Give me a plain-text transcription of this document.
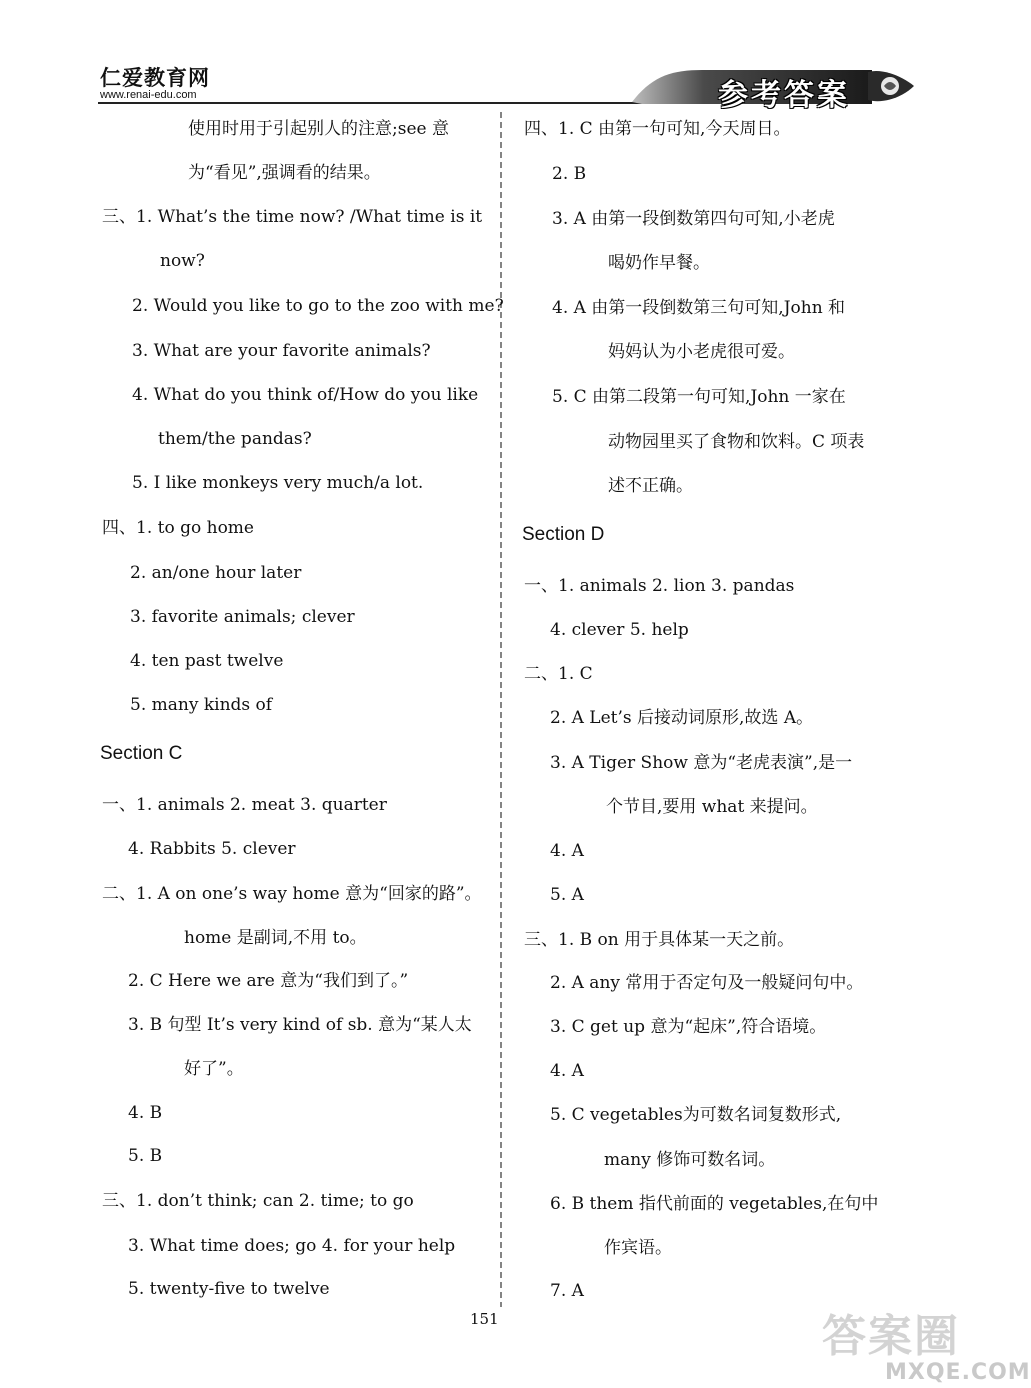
仁爱教育网
www.renai-edu.com	参考答案
使用时用于引起别人的注意;see 意
为“看见”,强调看的结果。
三、1. What’s the time now? /What time is it
now?
2. Would you like to go to the zoo with me?
3. What are your favorite animals?
4. What do you think of/How do you like
them/the pandas?
5. I like monkeys very much/a lot.
四、1. to go home
2. an/one hour later
3. favorite animals; clever
4. ten past twelve
5. many kinds of
Section C
一、1. animals 2. meat 3. quarter
4. Rabbits 5. clever
二、1. A on one’s way home 意为“回家的路”。
home 是副词,不用 to。
2. C Here we are 意为“我们到了。”
3. B 句型 It’s very kind of sb. 意为“某人太
好了”。
4. B
5. B
三、1. don’t think; can 2. time; to go
3. What time does; go 4. for your help
5. twenty-five to twelve
四、1. C 由第一句可知,今天周日。
2. B
3. A 由第一段倒数第四句可知,小老虎
喝奶作早餐。
4. A 由第一段倒数第三句可知,John 和
妈妈认为小老虎很可爱。
5. C 由第二段第一句可知,John 一家在
动物园里买了食物和饮料。C 项表
述不正确。
Section D
一、1. animals 2. lion 3. pandas
4. clever 5. help
二、1. C
2. A Let’s 后接动词原形,故选 A。
3. A Tiger Show 意为“老虎表演”,是一
个节目,要用 what 来提问。
4. A
5. A
三、1. B on 用于具体某一天之前。
2. A any 常用于否定句及一般疑问句中。
3. C get up 意为“起床”,符合语境。
4. A
5. C vegetables为可数名词复数形式,
many 修饰可数名词。
6. B them 指代前面的 vegetables,在句中
作宾语。
7. A
151	答案圈
MXQE.COM
